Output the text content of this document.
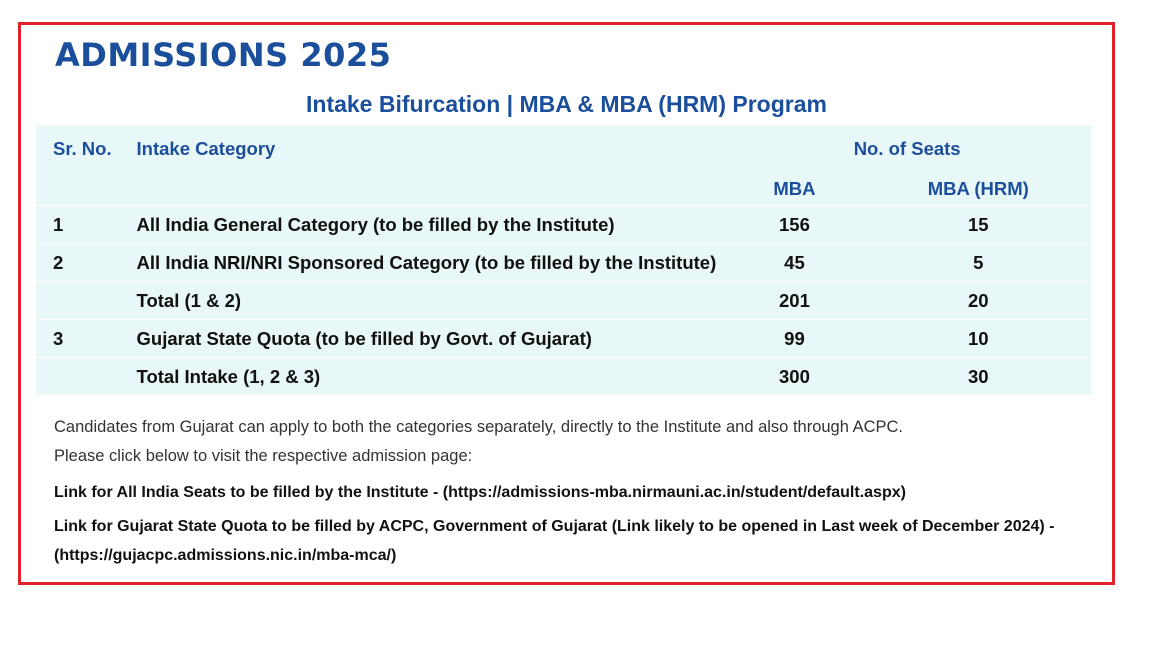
ADMISSIONS 2025
Intake Bifurcation | MBA & MBA (HRM) Program
Sr. No.	Intake Category	No. of Seats	
		MBA	MBA (HRM)
1	All India General Category (to be filled by the Institute)	156	15
2	All India NRI/NRI Sponsored Category (to be filled by the Institute)	45	5
	Total (1 & 2)	201	20
3	Gujarat State Quota (to be filled by Govt. of Gujarat)	99	10
	Total Intake (1, 2 & 3)	300	30
Candidates from Gujarat can apply to both the categories separately, directly to the Institute and also through ACPC.
Please click below to visit the respective admission page:
Link for All India Seats to be filled by the Institute - (https://admissions-mba.nirmauni.ac.in/student/default.aspx)
Link for Gujarat State Quota to be filled by ACPC, Government of Gujarat (Link likely to be opened in Last week of December 2024) - (https://gujacpc.admissions.nic.in/mba-mca/)
